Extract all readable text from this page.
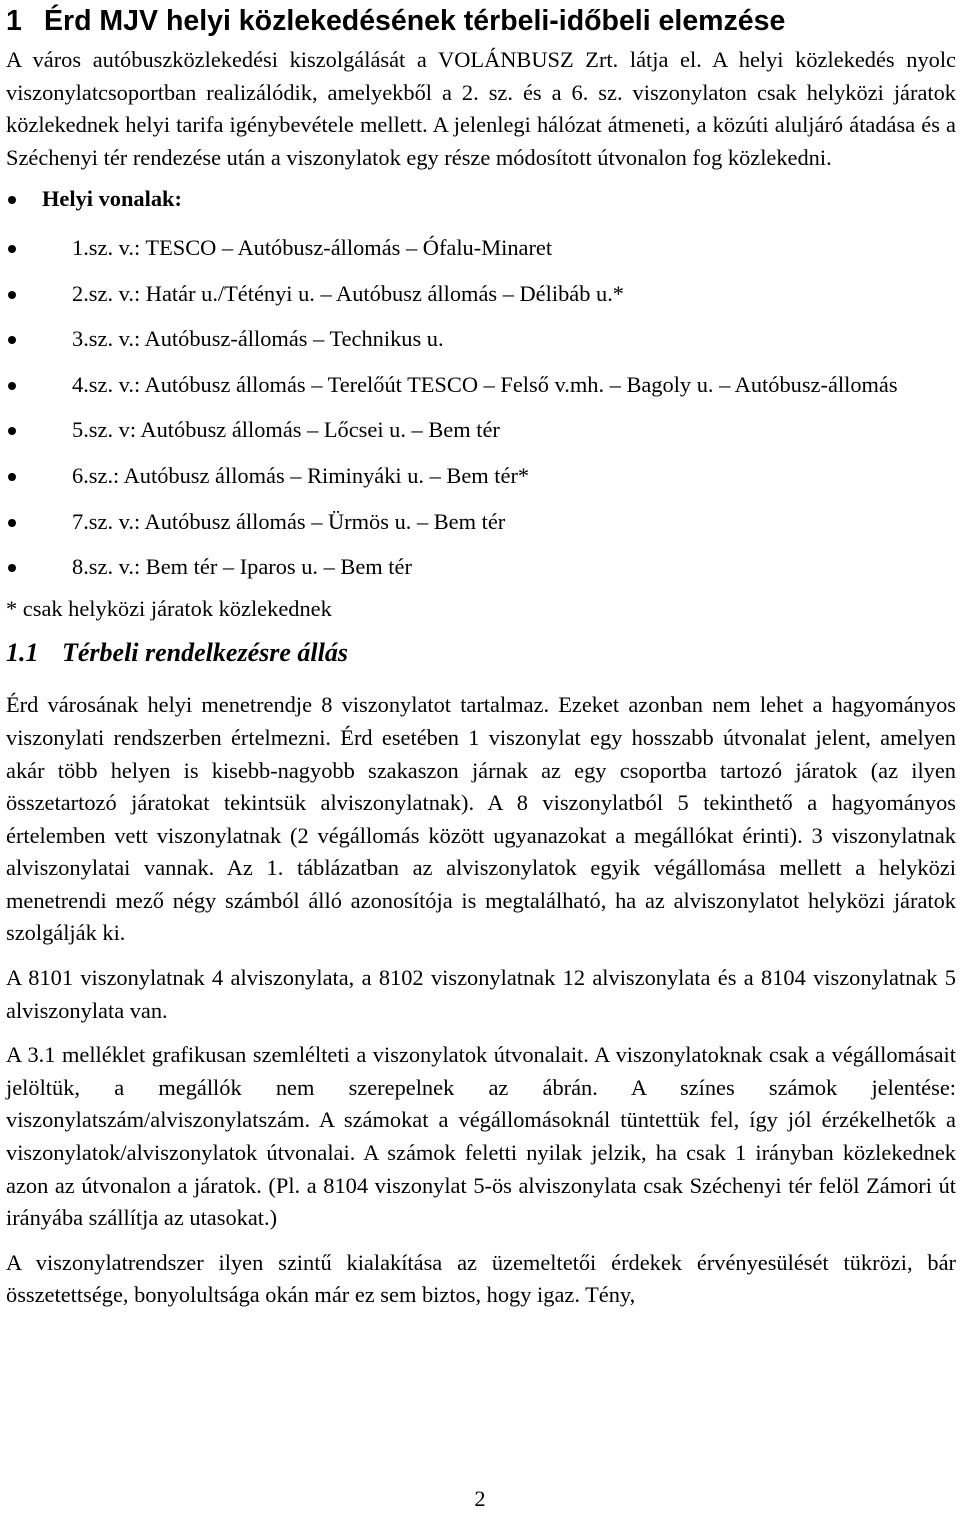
1 Érd MJV helyi közlekedésének térbeli-időbeli elemzése

A város autóbuszközlekedési kiszolgálását a VOLÁNBUSZ Zrt. látja el. A helyi közlekedés nyolc viszonylatcsoportban realizálódik, amelyekből a 2. sz. és a 6. sz. viszonylaton csak helyközi járatok közlekednek helyi tarifa igénybevétele mellett. A jelenlegi hálózat átmeneti, a közúti aluljáró átadása és a Széchenyi tér rendezése után a viszonylatok egy része módosított útvonalon fog közlekedni.

Helyi vonalak:
1.sz. v.: TESCO – Autóbusz-állomás – Ófalu-Minaret
2.sz. v.: Határ u./Tétényi u. – Autóbusz állomás – Délibáb u.*
3.sz. v.: Autóbusz-állomás – Technikus u.
4.sz. v.: Autóbusz állomás – Terelőút TESCO – Felső v.mh. – Bagoly u. – Autóbusz-állomás
5.sz. v: Autóbusz állomás – Lőcsei u. – Bem tér
6.sz.: Autóbusz állomás – Riminyáki u. – Bem tér*
7.sz. v.: Autóbusz állomás – Ürmös u. – Bem tér
8.sz. v.: Bem tér – Iparos u. – Bem tér

* csak helyközi járatok közlekednek

1.1 Térbeli rendelkezésre állás

Érd városának helyi menetrendje 8 viszonylatot tartalmaz. Ezeket azonban nem lehet a hagyományos viszonylati rendszerben értelmezni. Érd esetében 1 viszonylat egy hosszabb útvonalat jelent, amelyen akár több helyen is kisebb-nagyobb szakaszon járnak az egy csoportba tartozó járatok (az ilyen összetartozó járatokat tekintsük alviszonylatnak). A 8 viszonylatból 5 tekinthető a hagyományos értelemben vett viszonylatnak (2 végállomás között ugyanazokat a megállókat érinti). 3 viszonylatnak alviszonylatai vannak. Az 1. táblázatban az alviszonylatok egyik végállomása mellett a helyközi menetrendi mező négy számból álló azonosítója is megtalálható, ha az alviszonylatot helyközi járatok szolgálják ki.

A 8101 viszonylatnak 4 alviszonylata, a 8102 viszonylatnak 12 alviszonylata és a 8104 viszonylatnak 5 alviszonylata van.

A 3.1 melléklet grafikusan szemlélteti a viszonylatok útvonalait. A viszonylatoknak csak a végállomásait jelöltük, a megállók nem szerepelnek az ábrán. A színes számok jelentése: viszonylatszám/alviszonylatszám. A számokat a végállomásoknál tüntettük fel, így jól érzékelhetők a viszonylatok/alviszonylatok útvonalai. A számok feletti nyilak jelzik, ha csak 1 irányban közlekednek azon az útvonalon a járatok. (Pl. a 8104 viszonylat 5-ös alviszonylata csak Széchenyi tér felöl Zámori út irányába szállítja az utasokat.)

A viszonylatrendszer ilyen szintű kialakítása az üzemeltetői érdekek érvényesülését tükrözi, bár összetettsége, bonyolultsága okán már ez sem biztos, hogy igaz. Tény,

2
